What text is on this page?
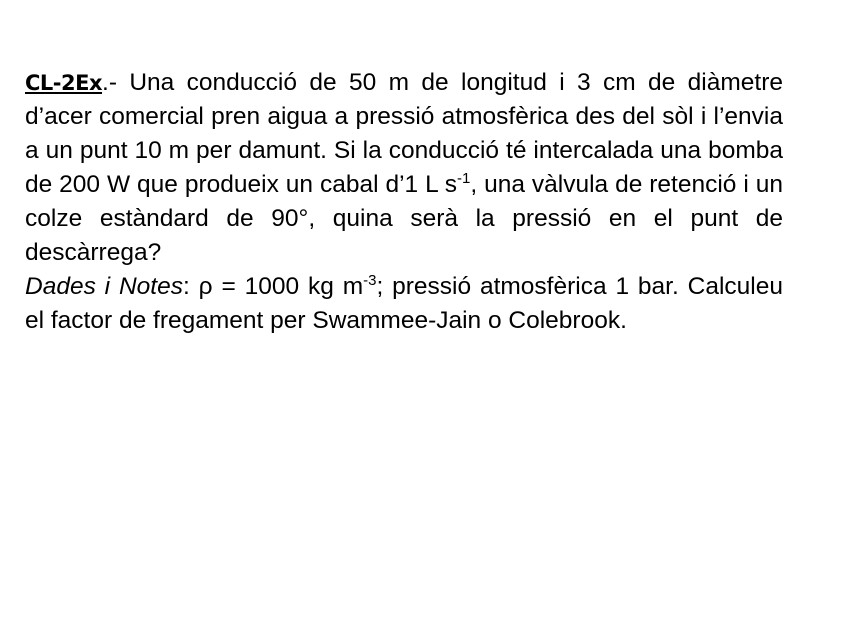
CL-2Ex.- Una conducció de 50 m de longitud i 3 cm de diàmetre d’acer comercial pren aigua a pressió atmosfèrica des del sòl i l’envia a un punt 10 m per damunt. Si la conducció té intercalada una bomba de 200 W que produeix un cabal d’1 L $s^{-1}$, una vàlvula de retenció i un colze estàndard de 90°, quina serà la pressió en el punt de descàrrega?

Dades i Notes: ρ = 1000 kg $m^{-3}$; pressió atmosfèrica 1 bar. Calculeu el factor de fregament per Swammee-Jain o Colebrook.
